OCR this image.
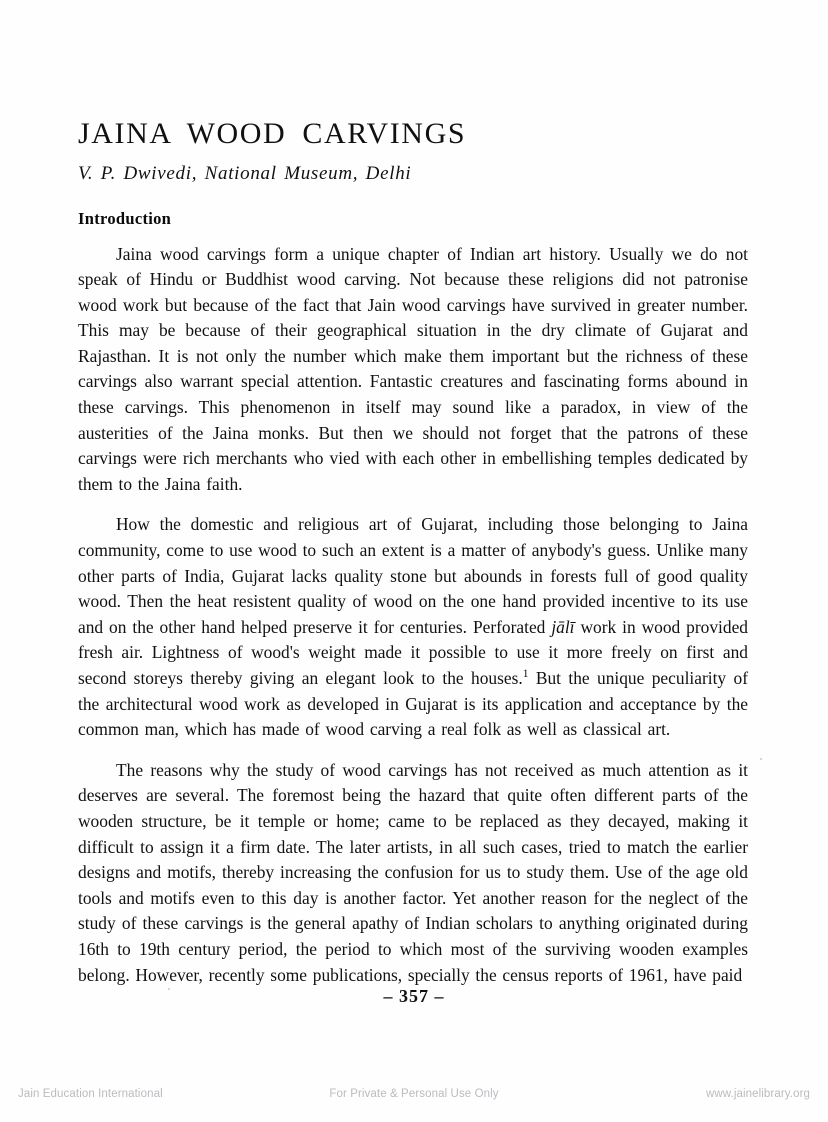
JAINA WOOD CARVINGS

V. P. Dwivedi, National Museum, Delhi

Introduction

Jaina wood carvings form a unique chapter of Indian art history. Usually we do not speak of Hindu or Buddhist wood carving. Not because these religions did not patronise wood work but because of the fact that Jain wood carvings have survived in greater number. This may be because of their geographical situation in the dry climate of Gujarat and Rajasthan. It is not only the number which make them important but the richness of these carvings also warrant special attention. Fantastic creatures and fascinating forms abound in these carvings. This phenomenon in itself may sound like a paradox, in view of the austerities of the Jaina monks. But then we should not forget that the patrons of these carvings were rich merchants who vied with each other in embellishing temples dedicated by them to the Jaina faith.

How the domestic and religious art of Gujarat, including those belonging to Jaina community, come to use wood to such an extent is a matter of anybody's guess. Unlike many other parts of India, Gujarat lacks quality stone but abounds in forests full of good quality wood. Then the heat resistent quality of wood on the one hand provided incentive to its use and on the other hand helped preserve it for centuries. Perforated jālī work in wood provided fresh air. Lightness of wood's weight made it possible to use it more freely on first and second storeys thereby giving an elegant look to the houses.$^1$ But the unique peculiarity of the architectural wood work as developed in Gujarat is its application and acceptance by the common man, which has made of wood carving a real folk as well as classical art.

The reasons why the study of wood carvings has not received as much attention as it deserves are several. The foremost being the hazard that quite often different parts of the wooden structure, be it temple or home; came to be replaced as they decayed, making it difficult to assign it a firm date. The later artists, in all such cases, tried to match the earlier designs and motifs, thereby increasing the confusion for us to study them. Use of the age old tools and motifs even to this day is another factor. Yet another reason for the neglect of the study of these carvings is the general apathy of Indian scholars to anything originated during 16th to 19th century period, the period to which most of the surviving wooden examples belong. However, recently some publications, specially the census reports of 1961, have paid

– 357 –
Jain Education International	For Private & Personal Use Only	www.jainelibrary.org
